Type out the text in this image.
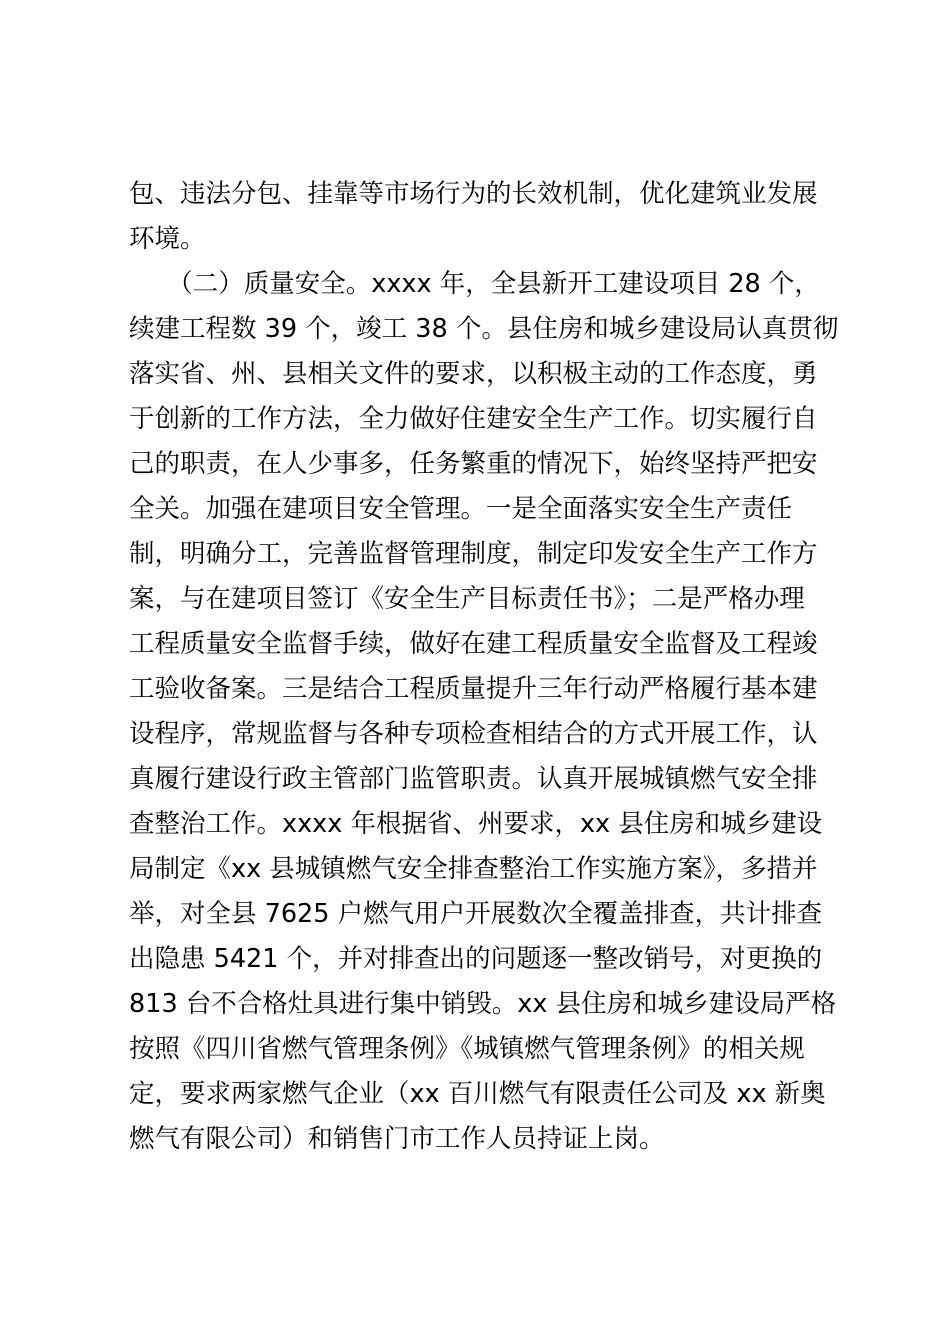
包、违法分包、挂靠等市场行为的长效机制，优化建筑业发展
环境。
　　（二）质量安全。xxxx 年，全县新开工建设项目 28 个，
续建工程数 39 个，竣工 38 个。县住房和城乡建设局认真贯彻
落实省、州、县相关文件的要求，以积极主动的工作态度，勇
于创新的工作方法，全力做好住建安全生产工作。切实履行自
己的职责，在人少事多，任务繁重的情况下，始终坚持严把安
全关。加强在建项目安全管理。一是全面落实安全生产责任
制，明确分工，完善监督管理制度，制定印发安全生产工作方
案，与在建项目签订《安全生产目标责任书》；二是严格办理
工程质量安全监督手续，做好在建工程质量安全监督及工程竣
工验收备案。三是结合工程质量提升三年行动严格履行基本建
设程序，常规监督与各种专项检查相结合的方式开展工作，认
真履行建设行政主管部门监管职责。认真开展城镇燃气安全排
查整治工作。xxxx 年根据省、州要求，xx 县住房和城乡建设
局制定《xx 县城镇燃气安全排查整治工作实施方案》，多措并
举，对全县 7625 户燃气用户开展数次全覆盖排查，共计排查
出隐患 5421 个，并对排查出的问题逐一整改销号，对更换的
813 台不合格灶具进行集中销毁。xx 县住房和城乡建设局严格
按照《四川省燃气管理条例》《城镇燃气管理条例》的相关规
定，要求两家燃气企业（xx 百川燃气有限责任公司及 xx 新奥
燃气有限公司）和销售门市工作人员持证上岗。
